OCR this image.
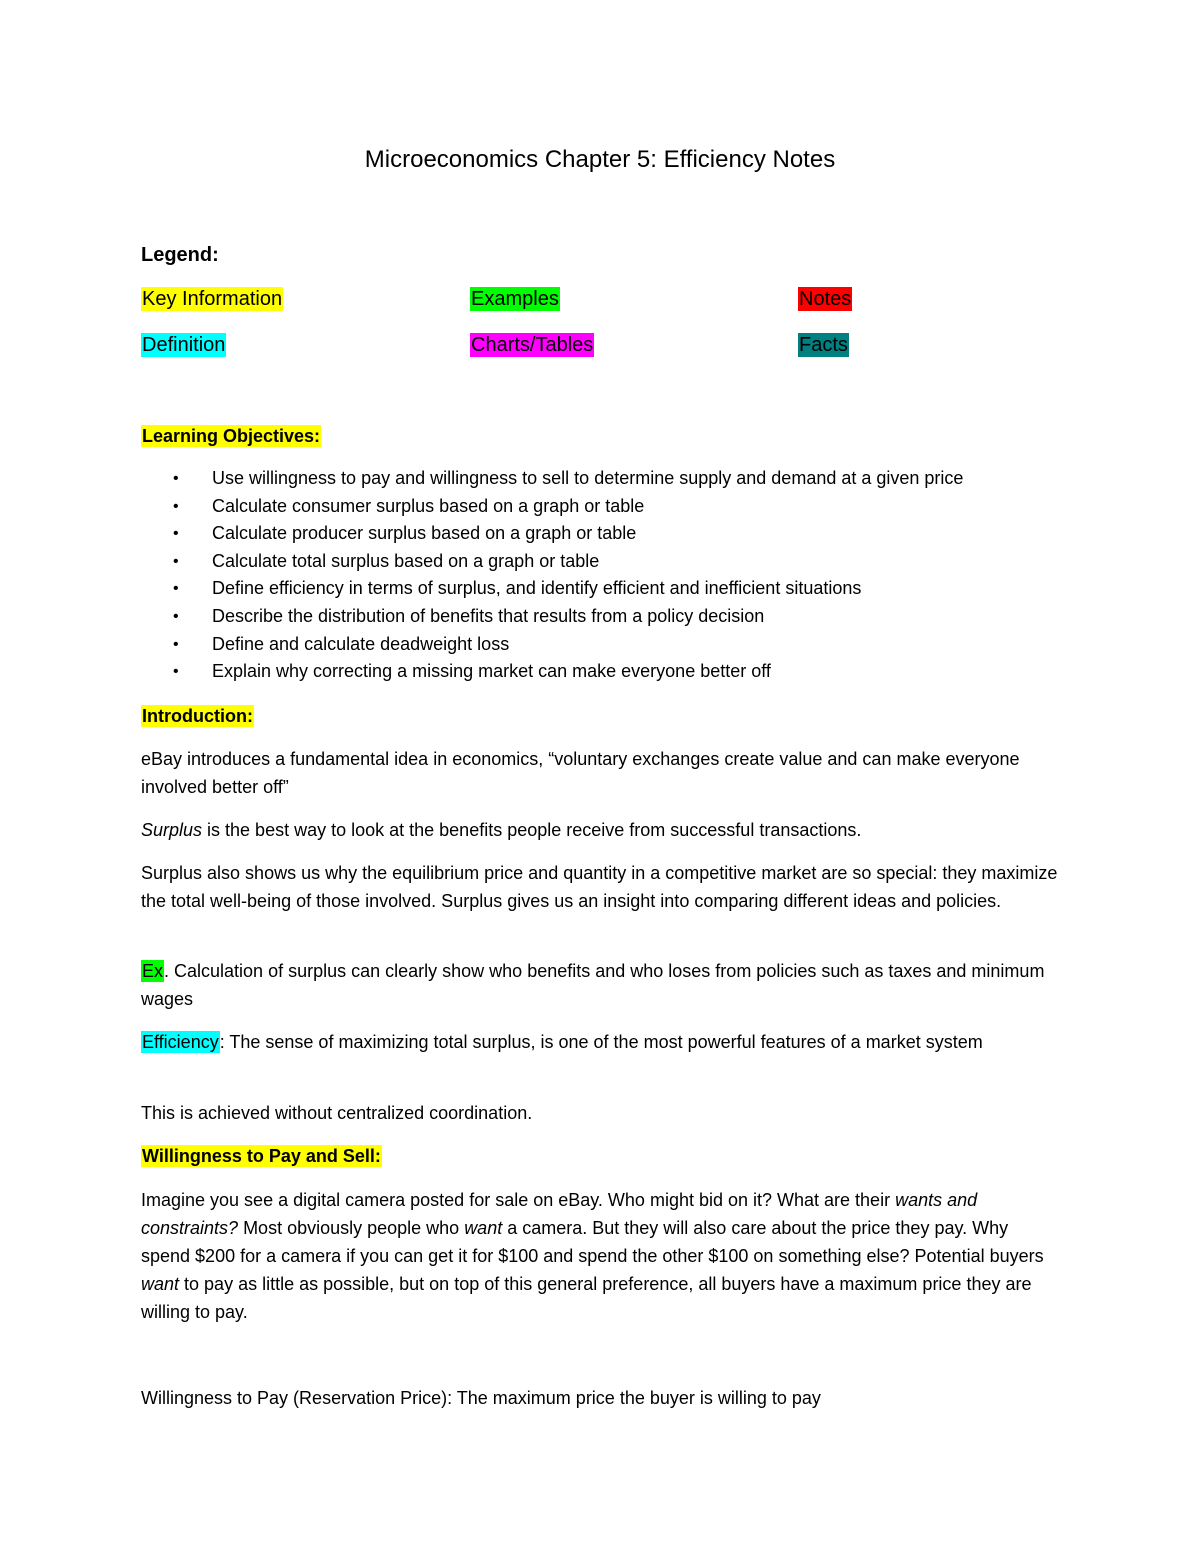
Microeconomics Chapter 5: Efficiency Notes
Legend:
Key Information	Examples	Notes
Definition	Charts/Tables	Facts
Learning Objectives:
• Use willingness to pay and willingness to sell to determine supply and demand at a given price
• Calculate consumer surplus based on a graph or table
• Calculate producer surplus based on a graph or table
• Calculate total surplus based on a graph or table
• Define efficiency in terms of surplus, and identify efficient and inefficient situations
• Describe the distribution of benefits that results from a policy decision
• Define and calculate deadweight loss
• Explain why correcting a missing market can make everyone better off
Introduction:
eBay introduces a fundamental idea in economics, “voluntary exchanges create value and can make everyone involved better off”
Surplus is the best way to look at the benefits people receive from successful transactions.
Surplus also shows us why the equilibrium price and quantity in a competitive market are so special: they maximize the total well-being of those involved. Surplus gives us an insight into comparing different ideas and policies.
Ex. Calculation of surplus can clearly show who benefits and who loses from policies such as taxes and minimum wages
Efficiency: The sense of maximizing total surplus, is one of the most powerful features of a market system
This is achieved without centralized coordination.
Willingness to Pay and Sell:
Imagine you see a digital camera posted for sale on eBay. Who might bid on it? What are their wants and constraints? Most obviously people who want a camera. But they will also care about the price they pay. Why spend $200 for a camera if you can get it for $100 and spend the other $100 on something else? Potential buyers want to pay as little as possible, but on top of this general preference, all buyers have a maximum price they are willing to pay.
Willingness to Pay (Reservation Price): The maximum price the buyer is willing to pay
